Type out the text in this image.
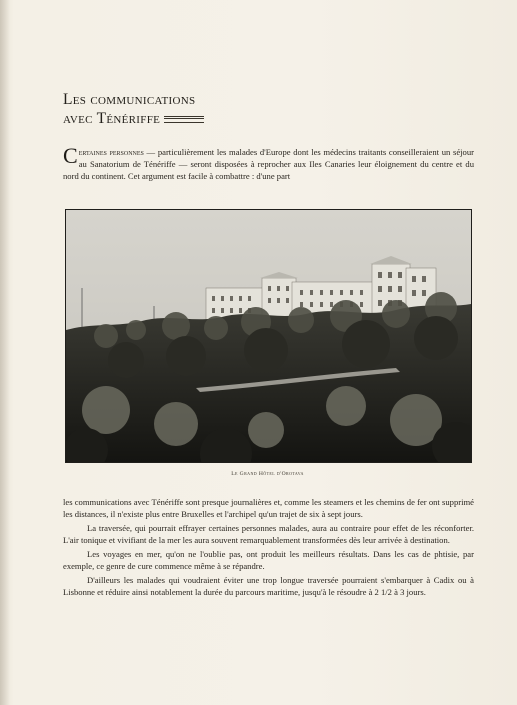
Les communications
avec Ténériffe

Certaines personnes — particulièrement les malades d'Europe dont les médecins traitants conseilleraient un séjour au Sanatorium de Ténériffe — seront disposées à reprocher aux Iles Canaries leur éloignement du centre et du nord du continent. Cet argument est facile à combattre : d'une part

Le Grand Hôtel d'Orotava

les communications avec Ténériffe sont presque journalières et, comme les steamers et les chemins de fer ont supprimé les distances, il n'existe plus entre Bruxelles et l'archipel qu'un trajet de six à sept jours.

La traversée, qui pourrait effrayer certaines personnes malades, aura au contraire pour effet de les réconforter. L'air tonique et vivifiant de la mer les aura souvent remarquablement transformées dès leur arrivée à destination.

Les voyages en mer, qu'on ne l'oublie pas, ont produit les meilleurs résultats. Dans les cas de phtisie, par exemple, ce genre de cure commence même à se répandre.

D'ailleurs les malades qui voudraient éviter une trop longue traversée pourraient s'embarquer à Cadix ou à Lisbonne et réduire ainsi notablement la durée du parcours maritime, jusqu'à le résoudre à 2 1/2 à 3 jours.
